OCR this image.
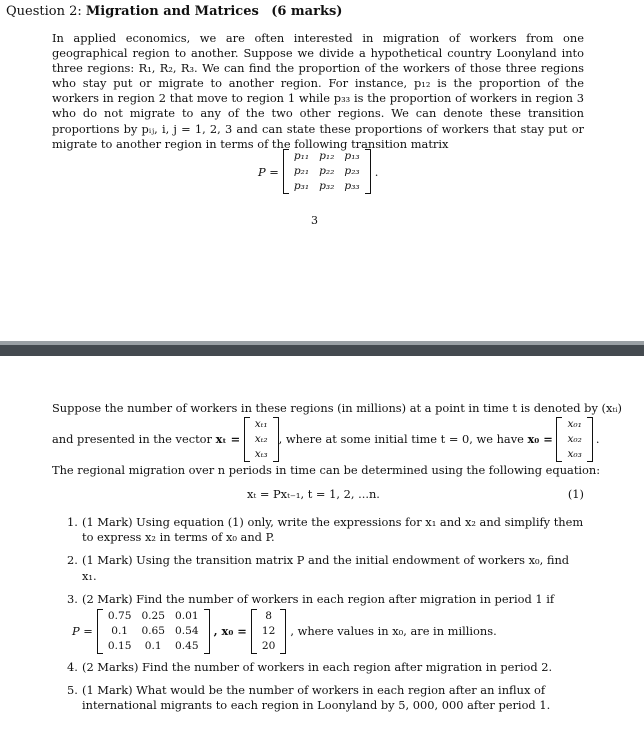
Question 2: Migration and Matrices (6 marks)
In applied economics, we are often interested in migration of workers from one geographical region to another. Suppose we divide a hypothetical country Loonyland into three regions: R₁, R₂, R₃. We can find the proportion of the workers of those three regions who stay put or migrate to another region. For instance, p₁₂ is the proportion of the workers in region 2 that move to region 1 while p₃₃ is the proportion of workers in region 3 who do not migrate to any of the two other regions. We can denote these transition proportions by pᵢⱼ, i, j = 1, 2, 3 and can state these proportions of workers that stay put or migrate to another region in terms of the following transition matrix
P =
p₁₁	p₁₂	p₁₃
p₂₁	p₂₂	p₂₃
p₃₁	p₃₂	p₃₃
.
3
Suppose the number of workers in these regions (in millions) at a point in time t is denoted by (xₜᵢ)
and presented in the vector
xₜ =

xₜ₁
xₜ₂
xₜ₃
, where at some initial time t = 0, we have
x₀ =

x₀₁
x₀₂
x₀₃
.
The regional migration over n periods in time can be determined using the following equation:
xₜ = Pxₜ₋₁, t = 1, 2, ...n.	(1)
1. (1 Mark) Using equation (1) only, write the expressions for x₁ and x₂ and simplify them to express x₂ in terms of x₀ and P.
2. (1 Mark) Using the transition matrix P and the initial endowment of workers x₀, find x₁.
3. (2 Mark) Find the number of workers in each region after migration in period 1 if
P =
0.75	0.25	0.01
0.1	0.65	0.54
0.15	0.1	0.45
, x₀ =
8
12
20
, where values in x₀, are in millions.
4. (2 Marks) Find the number of workers in each region after migration in period 2.
5. (1 Mark) What would be the number of workers in each region after an influx of international migrants to each region in Loonyland by 5, 000, 000 after period 1.
